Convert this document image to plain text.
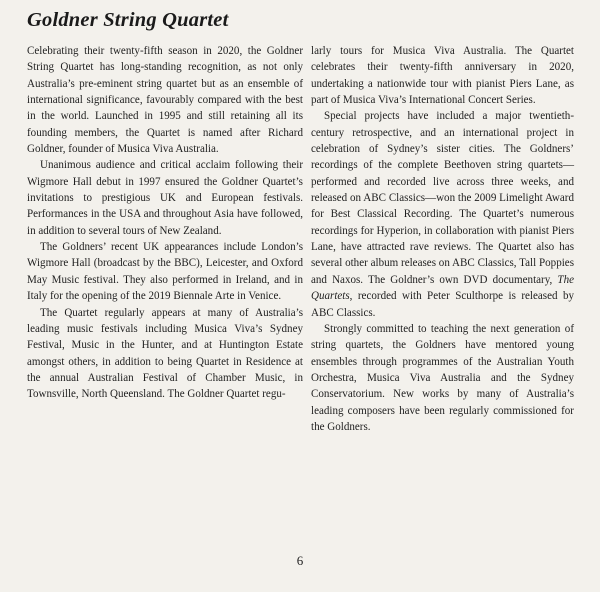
Goldner String Quartet

Celebrating their twenty-fifth season in 2020, the Goldner String Quartet has long-standing recognition, as not only Australia’s pre-eminent string quartet but as an ensemble of international significance, favourably compared with the best in the world. Launched in 1995 and still retaining all its founding members, the Quartet is named after Richard Goldner, founder of Musica Viva Australia.

Unanimous audience and critical acclaim following their Wigmore Hall debut in 1997 ensured the Goldner Quartet’s invitations to prestigious UK and European festivals. Performances in the USA and throughout Asia have followed, in addition to several tours of New Zealand.

The Goldners’ recent UK appearances include London’s Wigmore Hall (broadcast by the BBC), Leicester, and Oxford May Music festival. They also performed in Ireland, and in Italy for the opening of the 2019 Biennale Arte in Venice.

The Quartet regularly appears at many of Australia’s leading music festivals including Musica Viva’s Sydney Festival, Music in the Hunter, and at Huntington Estate amongst others, in addition to being Quartet in Residence at the annual Australian Festival of Chamber Music, in Townsville, North Queensland. The Goldner Quartet regu-

larly tours for Musica Viva Australia. The Quartet celebrates their twenty-fifth anniversary in 2020, undertaking a nationwide tour with pianist Piers Lane, as part of Musica Viva’s International Concert Series.

Special projects have included a major twentieth-century retrospective, and an international project in celebration of Sydney’s sister cities. The Goldners’ recordings of the complete Beethoven string quartets—performed and recorded live across three weeks, and released on ABC Classics—won the 2009 Limelight Award for Best Classical Recording. The Quartet’s numerous recordings for Hyperion, in collaboration with pianist Piers Lane, have attracted rave reviews. The Quartet also has several other album releases on ABC Classics, Tall Poppies and Naxos. The Goldner’s own DVD documentary, The Quartets, recorded with Peter Sculthorpe is released by ABC Classics.

Strongly committed to teaching the next generation of string quartets, the Goldners have mentored young ensembles through programmes of the Australian Youth Orchestra, Musica Viva Australia and the Sydney Conservatorium. New works by many of Australia’s leading composers have been regularly commissioned for the Goldners.

6
